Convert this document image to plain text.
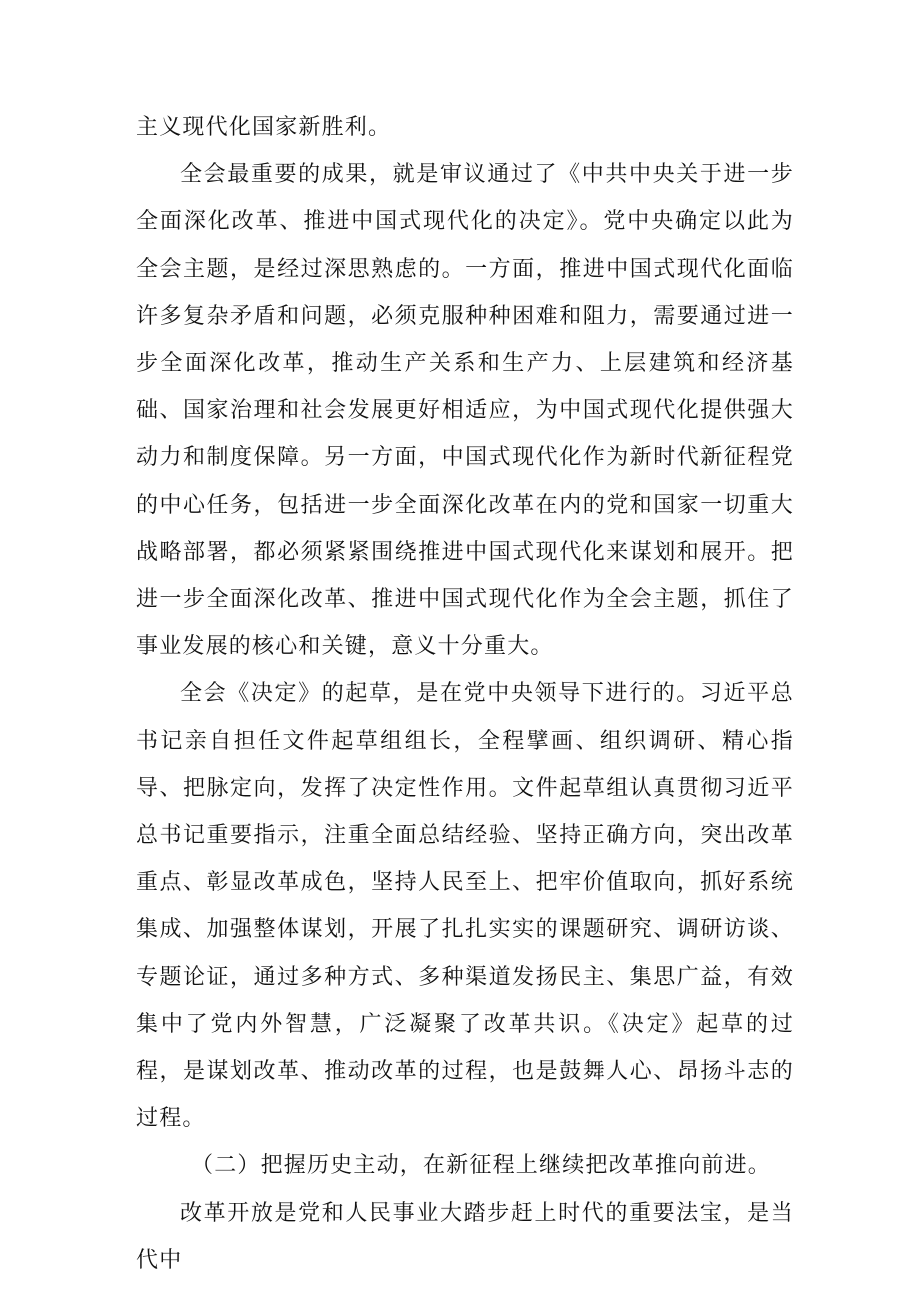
主义现代化国家新胜利。

全会最重要的成果，就是审议通过了《中共中央关于进一步全面深化改革、推进中国式现代化的决定》。党中央确定以此为全会主题，是经过深思熟虑的。一方面，推进中国式现代化面临许多复杂矛盾和问题，必须克服种种困难和阻力，需要通过进一步全面深化改革，推动生产关系和生产力、上层建筑和经济基础、国家治理和社会发展更好相适应，为中国式现代化提供强大动力和制度保障。另一方面，中国式现代化作为新时代新征程党的中心任务，包括进一步全面深化改革在内的党和国家一切重大战略部署，都必须紧紧围绕推进中国式现代化来谋划和展开。把进一步全面深化改革、推进中国式现代化作为全会主题，抓住了事业发展的核心和关键，意义十分重大。

全会《决定》的起草，是在党中央领导下进行的。习近平总书记亲自担任文件起草组组长，全程擘画、组织调研、精心指导、把脉定向，发挥了决定性作用。文件起草组认真贯彻习近平总书记重要指示，注重全面总结经验、坚持正确方向，突出改革重点、彰显改革成色，坚持人民至上、把牢价值取向，抓好系统集成、加强整体谋划，开展了扎扎实实的课题研究、调研访谈、专题论证，通过多种方式、多种渠道发扬民主、集思广益，有效集中了党内外智慧，广泛凝聚了改革共识。《决定》起草的过程，是谋划改革、推动改革的过程，也是鼓舞人心、昂扬斗志的过程。

（二）把握历史主动，在新征程上继续把改革推向前进。

改革开放是党和人民事业大踏步赶上时代的重要法宝，是当代中
